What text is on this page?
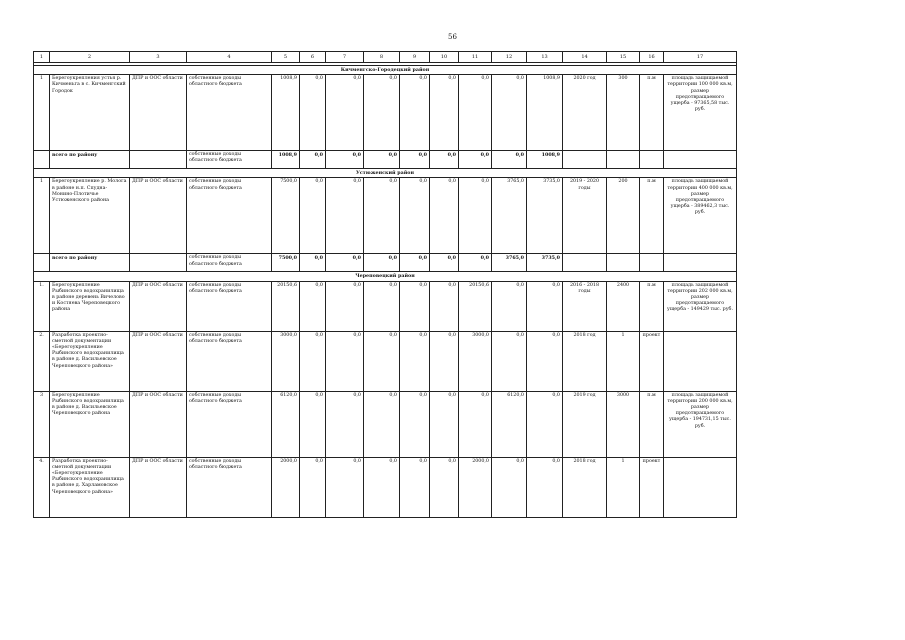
56
1	2	3	4	5	6	7	8	9	10	11	12	13	14	15	16	17

Кичменгско-Городецкий район																
1	Берегоукрепления устья р. Кичменьга в с. Кичменгский Городок	ДПР и ООС области	собственные доходы областного бюджета	1008,9	0,0	0,0	0,0	0,0	0,0	0,0	0,0	1008,9	2020 год	300	п.м	площадь защищаемой территории 100 000 кв.м, размер предотвращаемого ущерба - 97365,58 тыс. руб.
	всего по району		собственные доходы областного бюджета	1008,9	0,0	0,0	0,0	0,0	0,0	0,0	0,0	1008,9				
Устюженский район																
1	Берегоукрепление р. Молога в районе н.п. Спудна-Монино-Плотичье Устюженского района	ДПР и ООС области	собственные доходы областного бюджета	7500,0	0,0	0,0	0,0	0,0	0,0	0,0	3765,0	3735,0	2019 - 2020 годы	200	п.м	площадь защищаемой территории 400 000 кв.м, размер предотвращаемого ущерба - 389462,3 тыс. руб.
	всего по району		собственные доходы областного бюджета	7500,0	0,0	0,0	0,0	0,0	0,0	0,0	3765,0	3735,0				
Череповецкий район																
1.	Берегоукрепление Рыбинского водохранилища в районе деревень Вичелово и Костяева Череповецкого района	ДПР и ООС области	собственные доходы областного бюджета	20150,6	0,0	0,0	0,0	0,0	0,0	20150,6	0,0	0,0	2016 - 2018 годы	2400	п.м	площадь защищаемой территории 202 000 кв.м, размер предотвращаемого ущерба - 149429 тыс. руб.
2.	Разработка проектно-сметной документации «Берегоукрепление Рыбинского водохранилища в районе д. Васильевское Череповецкого района»	ДПР и ООС области	собственные доходы областного бюджета	3000,0	0,0	0,0	0,0	0,0	0,0	3000,0	0,0	0,0	2018 год	1	проект	
3	Берегоукрепление Рыбинского водохранилища в районе д. Васильевское Череповецкого района	ДПР и ООС области	собственные доходы областного бюджета	6120,0	0,0	0,0	0,0	0,0	0,0	0,0	6120,0	0,0	2019 год	3000	п.м	площадь защищаемой территории 200 000 кв.м, размер предотвращаемого ущерба - 194731,15 тыс. руб.
4.	Разработка проектно-сметной документации «Берегоукрепление Рыбинского водохранилища в районе д. Харламовское Череповецкого района»	ДПР и ООС области	собственные доходы областного бюджета	2000,0	0,0	0,0	0,0	0,0	0,0	2000,0	0,0	0,0	2018 год	1	проект	
